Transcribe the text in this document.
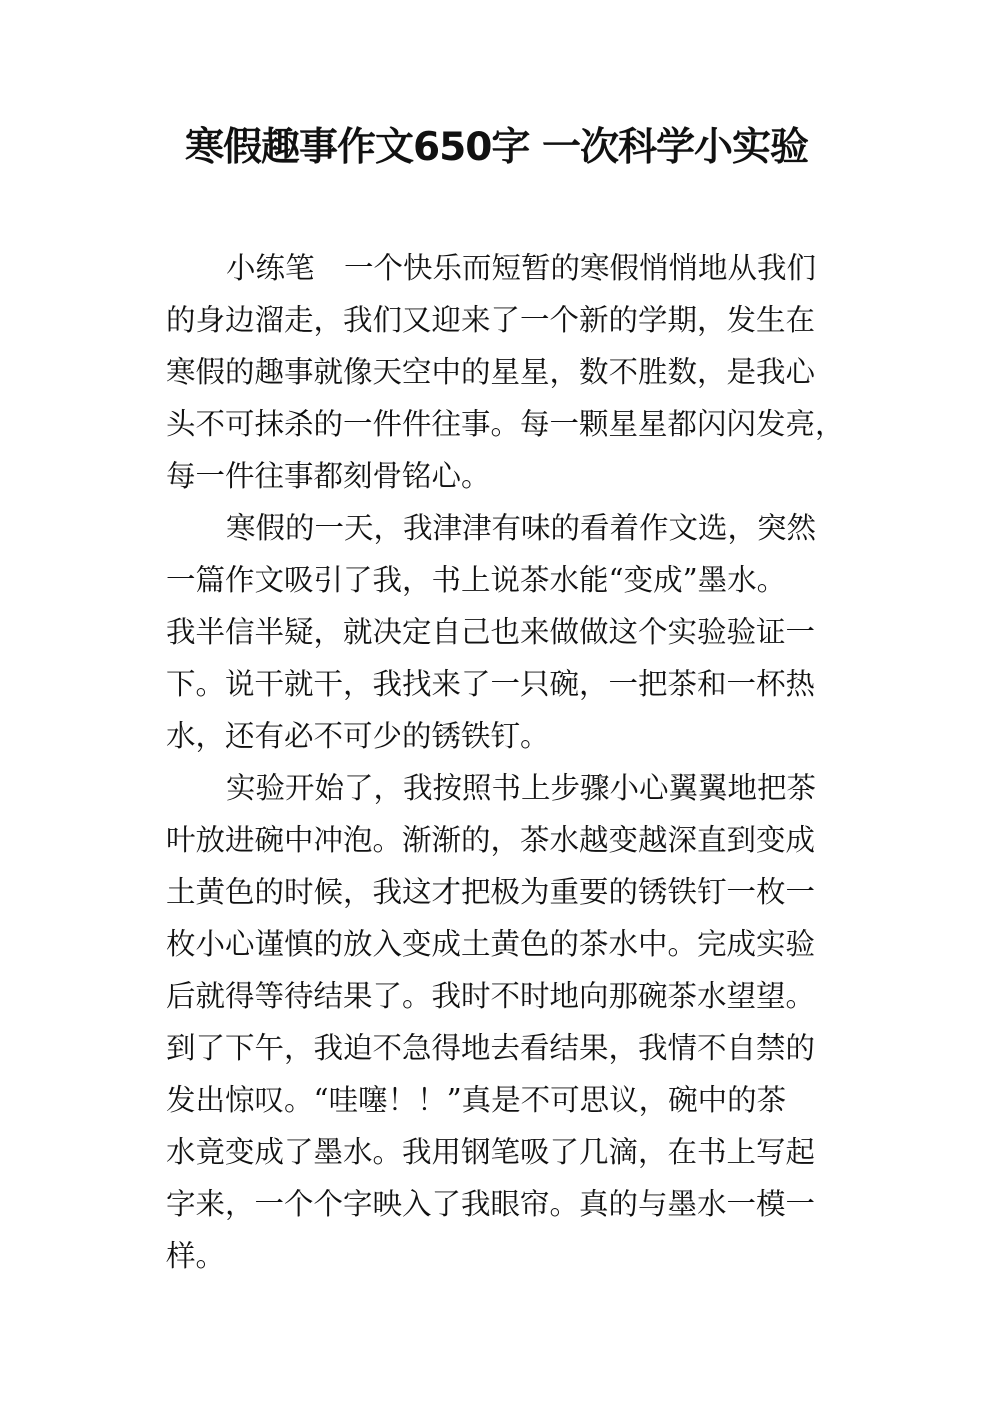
寒假趣事作文650字 一次科学小实验
小练笔　一个快乐而短暂的寒假悄悄地从我们
的身边溜走，我们又迎来了一个新的学期，发生在
寒假的趣事就像天空中的星星，数不胜数，是我心
头不可抹杀的一件件往事。每一颗星星都闪闪发亮，
每一件往事都刻骨铭心。
寒假的一天，我津津有味的看着作文选，突然
一篇作文吸引了我，书上说茶水能“变成”墨水。
我半信半疑，就决定自己也来做做这个实验验证一
下。说干就干，我找来了一只碗，一把茶和一杯热
水，还有必不可少的锈铁钉。
实验开始了，我按照书上步骤小心翼翼地把茶
叶放进碗中冲泡。渐渐的，茶水越变越深直到变成
土黄色的时候，我这才把极为重要的锈铁钉一枚一
枚小心谨慎的放入变成土黄色的茶水中。完成实验
后就得等待结果了。我时不时地向那碗茶水望望。
到了下午，我迫不急得地去看结果，我情不自禁的
发出惊叹。“哇噻！！”真是不可思议，碗中的茶
水竟变成了墨水。我用钢笔吸了几滴，在书上写起
字来，一个个字映入了我眼帘。真的与墨水一模一
样。
